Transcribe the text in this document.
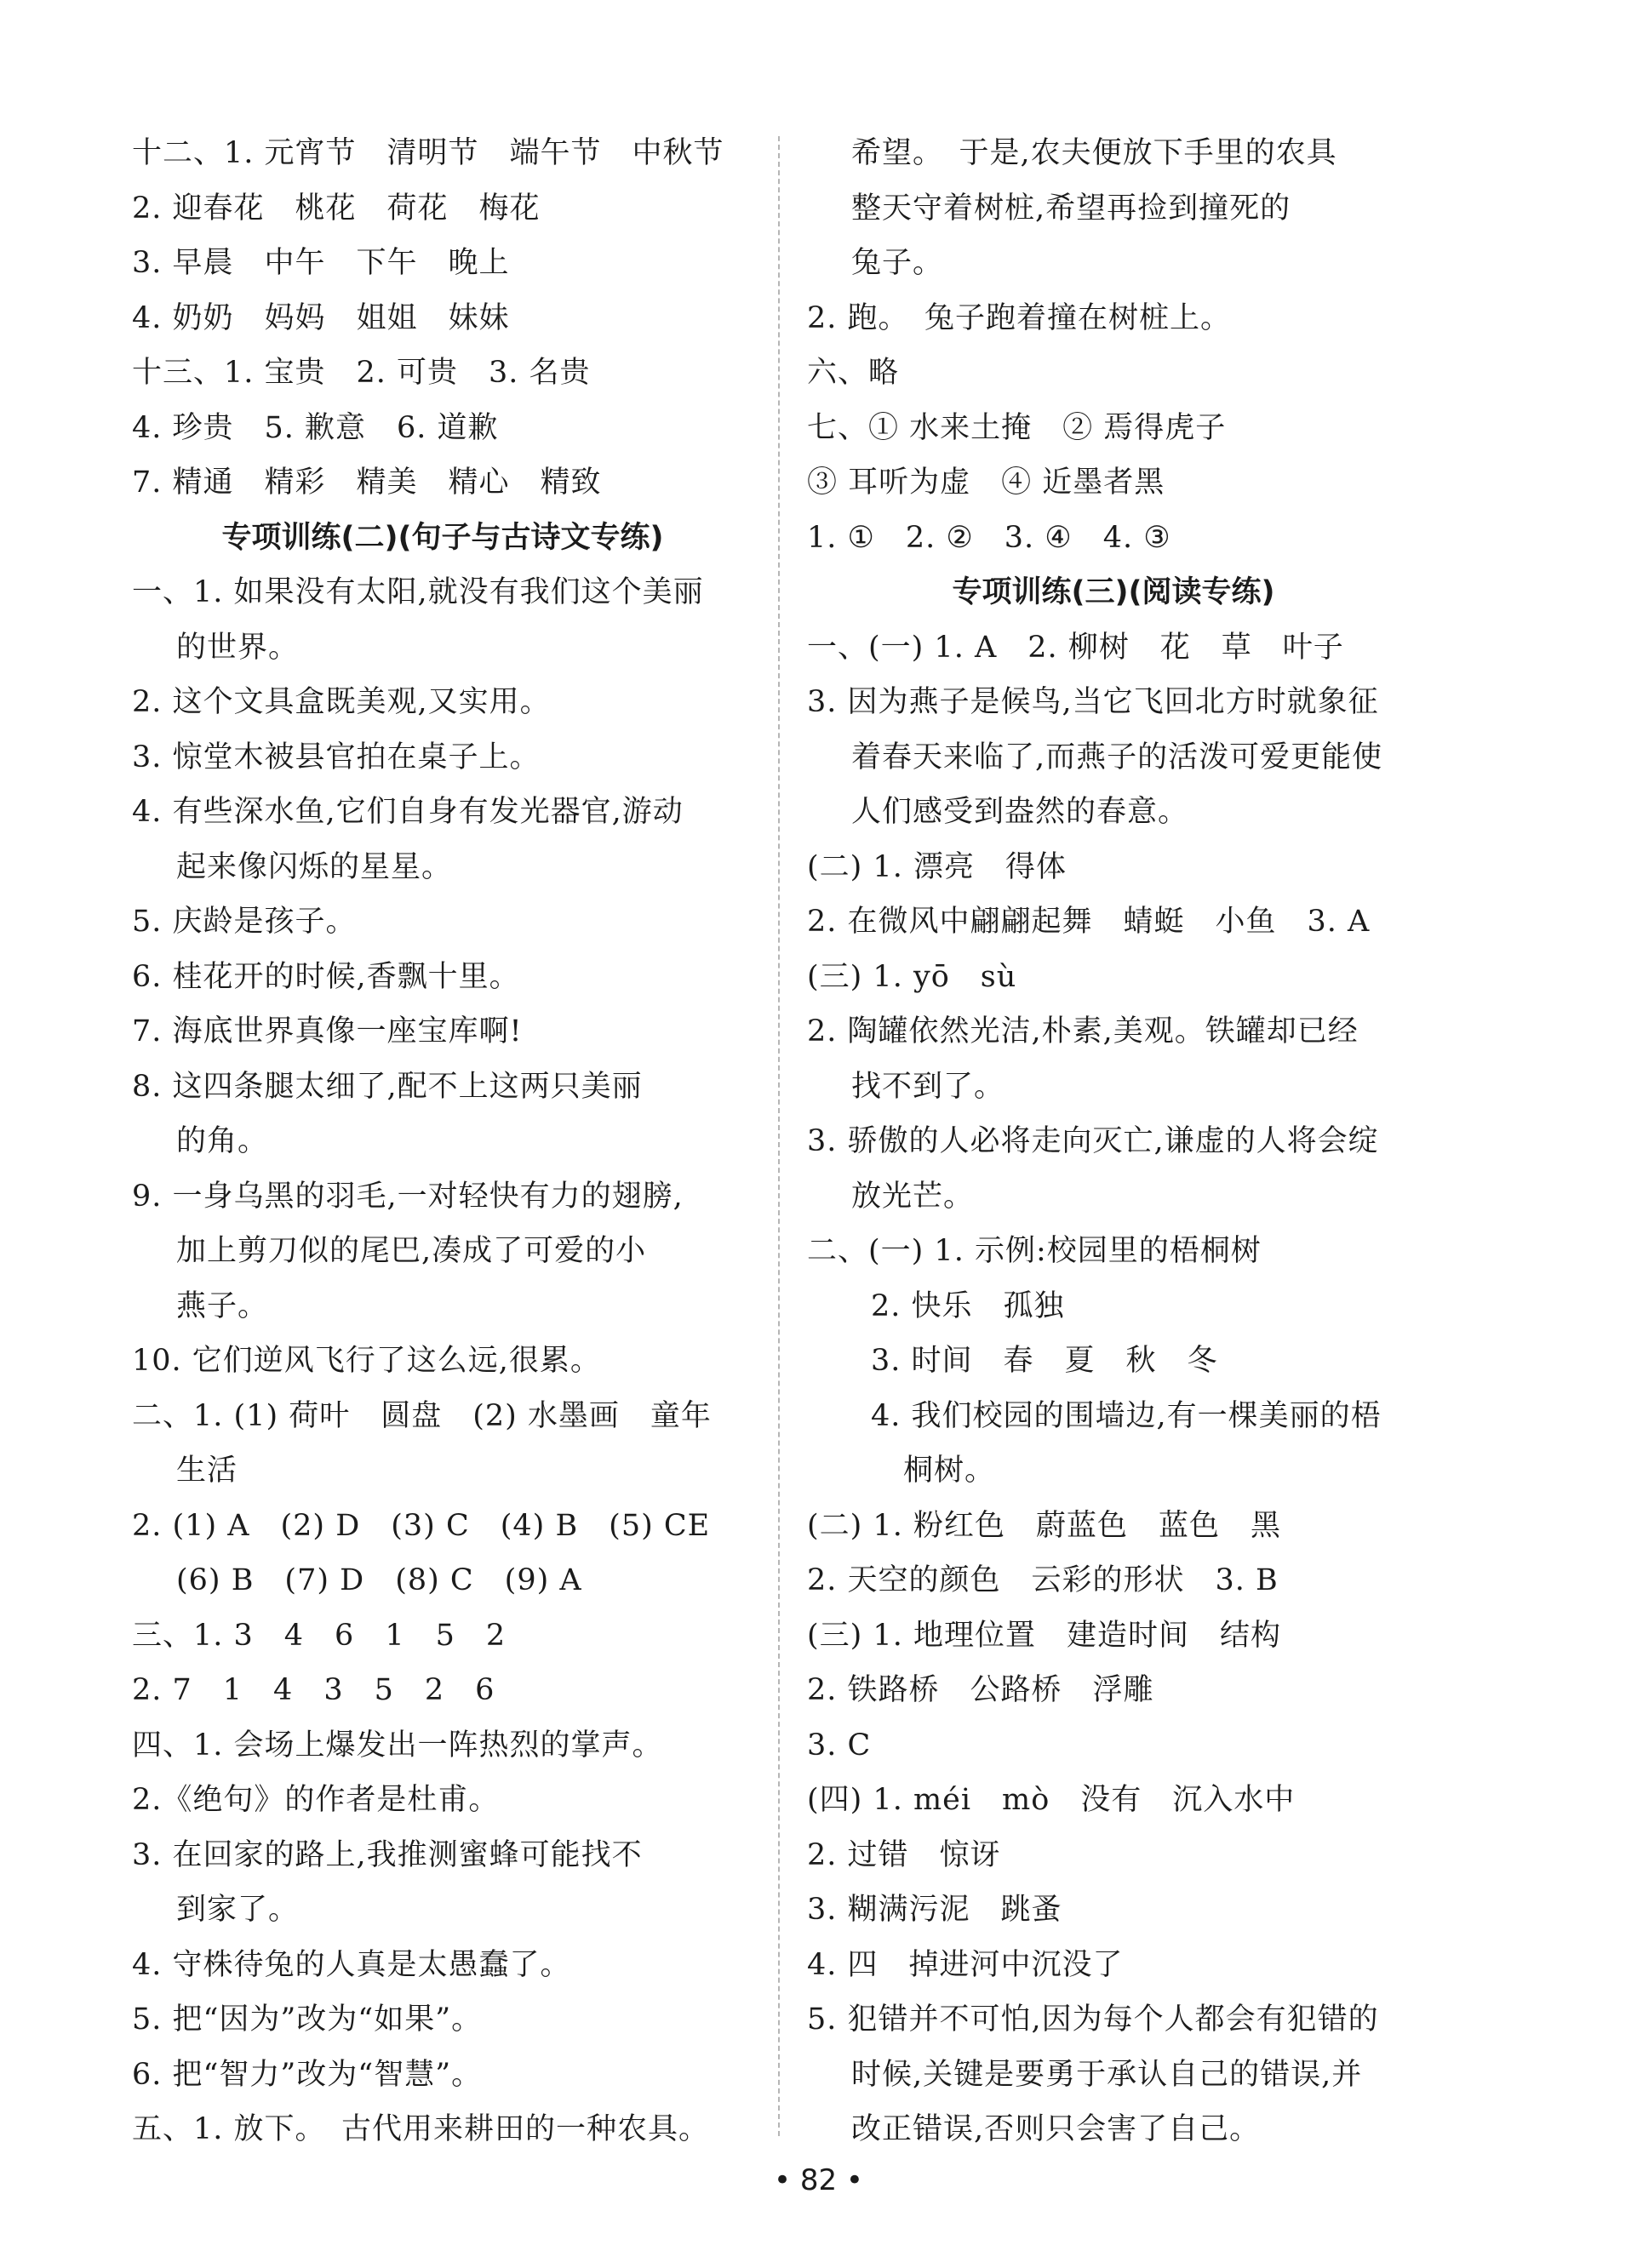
十二、1. 元宵节　清明节　端午节　中秋节
2. 迎春花　桃花　荷花　梅花
3. 早晨　中午　下午　晚上
4. 奶奶　妈妈　姐姐　妹妹
十三、1. 宝贵　2. 可贵　3. 名贵
4. 珍贵　5. 歉意　6. 道歉
7. 精通　精彩　精美　精心　精致
专项训练(二)(句子与古诗文专练)
一、1. 如果没有太阳,就没有我们这个美丽
的世界。
2. 这个文具盒既美观,又实用。
3. 惊堂木被县官拍在桌子上。
4. 有些深水鱼,它们自身有发光器官,游动
起来像闪烁的星星。
5. 庆龄是孩子。
6. 桂花开的时候,香飘十里。
7. 海底世界真像一座宝库啊!
8. 这四条腿太细了,配不上这两只美丽
的角。
9. 一身乌黑的羽毛,一对轻快有力的翅膀,
加上剪刀似的尾巴,凑成了可爱的小
燕子。
10. 它们逆风飞行了这么远,很累。
二、1. (1) 荷叶　圆盘　(2) 水墨画　童年
生活
2. (1) A　(2) D　(3) C　(4) B　(5) CE
(6) B　(7) D　(8) C　(9) A
三、1. 3　4　6　1　5　2
2. 7　1　4　3　5　2　6
四、1. 会场上爆发出一阵热烈的掌声。
2.《绝句》的作者是杜甫。
3. 在回家的路上,我推测蜜蜂可能找不
到家了。
4. 守株待兔的人真是太愚蠢了。
5. 把“因为”改为“如果”。
6. 把“智力”改为“智慧”。
五、1. 放下。　古代用来耕田的一种农具。
希望。　于是,农夫便放下手里的农具
整天守着树桩,希望再捡到撞死的
兔子。
2. 跑。　兔子跑着撞在树桩上。
六、略
七、① 水来土掩　② 焉得虎子
③ 耳听为虚　④ 近墨者黑
1. ①　2. ②　3. ④　4. ③
专项训练(三)(阅读专练)
一、(一) 1. A　2. 柳树　花　草　叶子
3. 因为燕子是候鸟,当它飞回北方时就象征
着春天来临了,而燕子的活泼可爱更能使
人们感受到盎然的春意。
(二) 1. 漂亮　得体
2. 在微风中翩翩起舞　蜻蜓　小鱼　3. A
(三) 1. yō　sù
2. 陶罐依然光洁,朴素,美观。铁罐却已经
找不到了。
3. 骄傲的人必将走向灭亡,谦虚的人将会绽
放光芒。
二、(一) 1. 示例:校园里的梧桐树
2. 快乐　孤独
3. 时间　春　夏　秋　冬
4. 我们校园的围墙边,有一棵美丽的梧
桐树。
(二) 1. 粉红色　蔚蓝色　蓝色　黑
2. 天空的颜色　云彩的形状　3. B
(三) 1. 地理位置　建造时间　结构
2. 铁路桥　公路桥　浮雕
3. C
(四) 1. méi　mò　没有　沉入水中
2. 过错　惊讶
3. 糊满污泥　跳蚤
4. 四　掉进河中沉没了
5. 犯错并不可怕,因为每个人都会有犯错的
时候,关键是要勇于承认自己的错误,并
改正错误,否则只会害了自己。
• 82 •
